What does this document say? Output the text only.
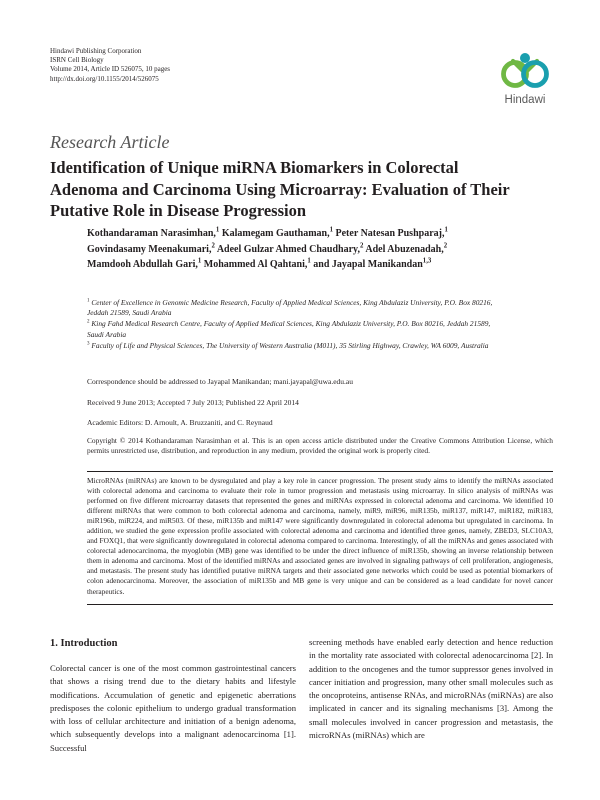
Hindawi Publishing Corporation

ISRN Cell Biology

Volume 2014, Article ID 526075, 10 pages

http://dx.doi.org/10.1155/2014/526075

Hindawi
Research Article
Identification of Unique miRNA Biomarkers in Colorectal
Adenoma and Carcinoma Using Microarray: Evaluation of Their
Putative Role in Disease Progression
Kothandaraman Narasimhan,$^1$ Kalamegam Gauthaman,$^1$ Peter Natesan Pushparaj,$^1$
Govindasamy Meenakumari,$^2$ Adeel Gulzar Ahmed Chaudhary,$^2$ Adel Abuzenadah,$^2$
Mamdooh Abdullah Gari,$^1$ Mohammed Al Qahtani,$^1$ and Jayapal Manikandan$^{1,3}$
$^1$ Center of Excellence in Genomic Medicine Research, Faculty of Applied Medical Sciences, King Abdulaziz University, P.O. Box 80216, Jeddah 21589, Saudi Arabia
$^2$ King Fahd Medical Research Centre, Faculty of Applied Medical Sciences, King Abdulaziz University, P.O. Box 80216, Jeddah 21589, Saudi Arabia
$^3$ Faculty of Life and Physical Sciences, The University of Western Australia (M011), 35 Stirling Highway, Crawley, WA 6009, Australia
Correspondence should be addressed to Jayapal Manikandan; mani.jayapal@uwa.edu.au
Received 9 June 2013; Accepted 7 July 2013; Published 22 April 2014
Academic Editors: D. Arnoult, A. Bruzzaniti, and C. Reynaud
Copyright © 2014 Kothandaraman Narasimhan et al. This is an open access article distributed under the Creative Commons Attribution License, which permits unrestricted use, distribution, and reproduction in any medium, provided the original work is properly cited.
MicroRNAs (miRNAs) are known to be dysregulated and play a key role in cancer progression. The present study aims to identify the miRNAs associated with colorectal adenoma and carcinoma to evaluate their role in tumor progression and metastasis using microarray. In silico analysis of miRNAs was performed on five different microarray datasets that represented the genes and miRNAs expressed in colorectal adenoma and carcinoma. We identified 10 different miRNAs that were common to both colorectal adenoma and carcinoma, namely, miR9, miR96, miR135b, miR137, miR147, miR182, miR183, miR196b, miR224, and miR503. Of these, miR135b and miR147 were significantly downregulated in colorectal adenoma but upregulated in carcinoma. In addition, we studied the gene expression profile associated with colorectal adenoma and carcinoma and identified three genes, namely, ZBED3, SLC10A3, and FOXQ1, that were significantly downregulated in colorectal adenoma compared to carcinoma. Interestingly, of all the miRNAs and genes associated with colorectal adenocarcinoma, the myoglobin (MB) gene was identified to be under the direct influence of miR135b, showing an inverse relationship between them in adenoma and carcinoma. Most of the identified miRNAs and associated genes are involved in signaling pathways of cell proliferation, angiogenesis, and metastasis. The present study has identified putative miRNA targets and their associated gene networks which could be used as potential biomarkers of colon adenocarcinoma. Moreover, the association of miR135b and MB gene is very unique and can be considered as a lead candidate for novel cancer therapeutics.
1. Introduction
Colorectal cancer is one of the most common gastrointestinal cancers that shows a rising trend due to the dietary habits and lifestyle modifications. Accumulation of genetic and epigenetic aberrations predisposes the colonic epithelium to undergo gradual transformation with loss of cellular architecture and initiation of a benign adenoma, which subsequently develops into a malignant adenocarcinoma [1]. Successful
screening methods have enabled early detection and hence reduction in the mortality rate associated with colorectal adenocarcinoma [2]. In addition to the oncogenes and the tumor suppressor genes involved in cancer initiation and progression, many other small molecules such as the oncoproteins, antisense RNAs, and microRNAs (miRNAs) are also implicated in cancer and its signaling mechanisms [3]. Among the small molecules involved in cancer progression and metastasis, the microRNAs (miRNAs) which are
